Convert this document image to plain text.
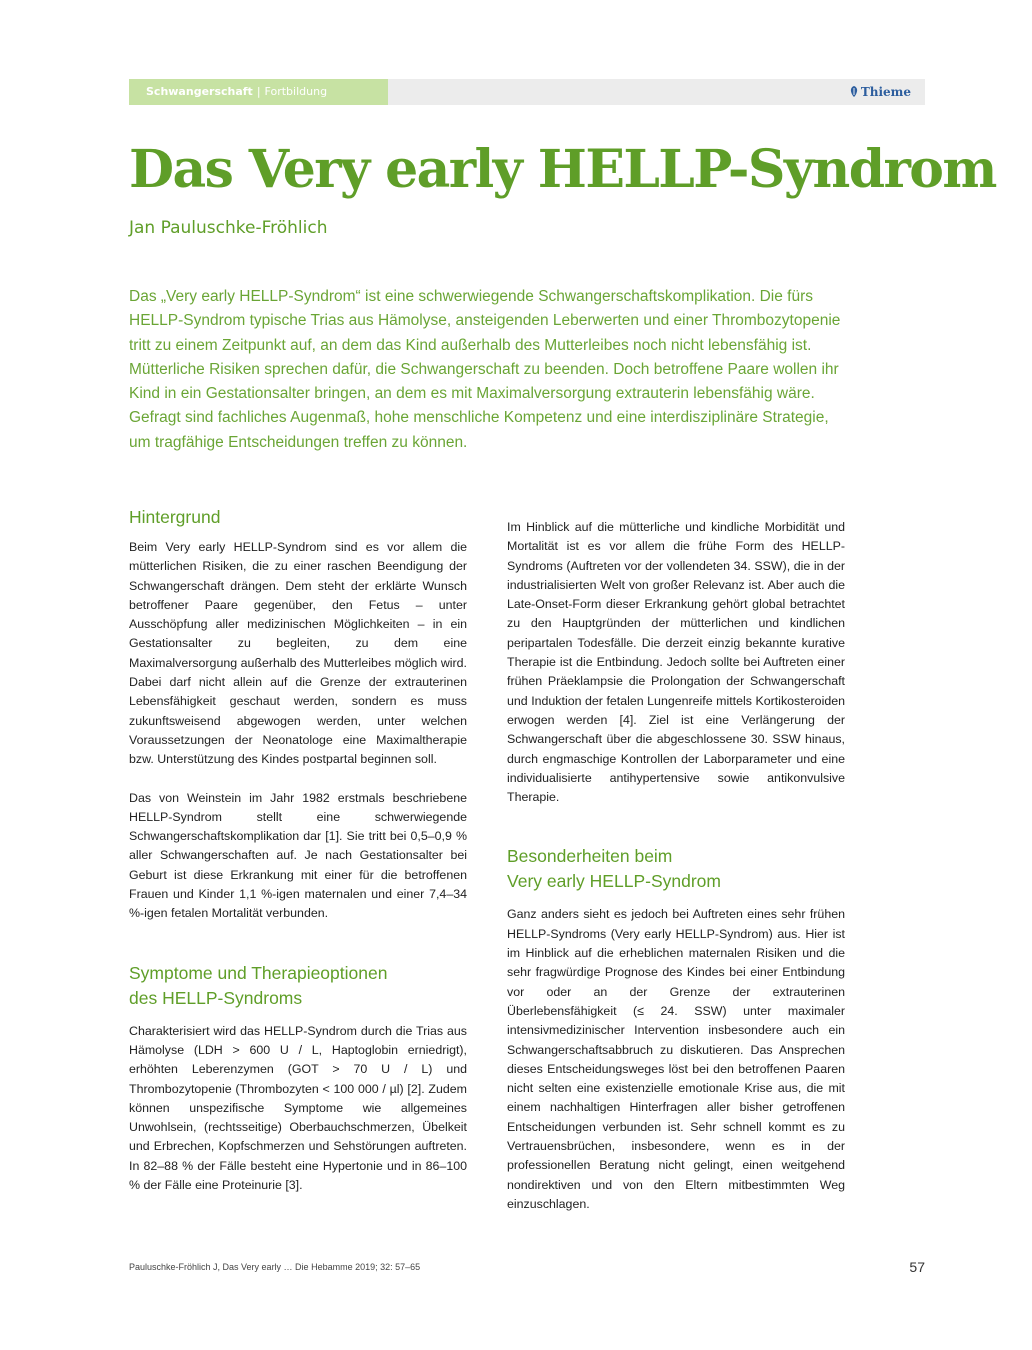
Schwangerschaft | Fortbildung	Thieme
Das Very early HELLP-Syndrom

Jan Pauluschke-Fröhlich

Das „Very early HELLP-Syndrom“ ist eine schwerwiegende Schwangerschaftskomplikation. Die fürs HELLP-Syndrom typische Trias aus Hämolyse, ansteigenden Leberwerten und einer Thrombozytopenie tritt zu einem Zeitpunkt auf, an dem das Kind außerhalb des Mutterleibes noch nicht lebensfähig ist. Mütterliche Risiken sprechen dafür, die Schwangerschaft zu beenden. Doch betroffene Paare wollen ihr Kind in ein Gestationsalter bringen, an dem es mit Maximalversorgung extrauterin lebensfähig wäre. Gefragt sind fachliches Augenmaß, hohe menschliche Kompetenz und eine interdisziplinäre Strategie, um tragfähige Entscheidungen treffen zu können.

Hintergrund

Beim Very early HELLP-Syndrom sind es vor allem die mütterlichen Risiken, die zu einer raschen Beendigung der Schwangerschaft drängen. Dem steht der erklärte Wunsch betroffener Paare gegenüber, den Fetus – unter Ausschöpfung aller medizinischen Möglichkeiten – in ein Gestationsalter zu begleiten, zu dem eine Maximalversorgung außerhalb des Mutterleibes möglich wird. Dabei darf nicht allein auf die Grenze der extrauterinen Lebensfähigkeit geschaut werden, sondern es muss zukunftsweisend abgewogen werden, unter welchen Voraussetzungen der Neonatologe eine Maximaltherapie bzw. Unterstützung des Kindes postpartal beginnen soll.

Das von Weinstein im Jahr 1982 erstmals beschriebene HELLP-Syndrom stellt eine schwerwiegende Schwangerschaftskomplikation dar [1]. Sie tritt bei 0,5–0,9 % aller Schwangerschaften auf. Je nach Gestationsalter bei Geburt ist diese Erkrankung mit einer für die betroffenen Frauen und Kinder 1,1 %-igen maternalen und einer 7,4–34 %-igen fetalen Mortalität verbunden.

Symptome und Therapieoptionen
des HELLP-Syndroms

Charakterisiert wird das HELLP-Syndrom durch die Trias aus Hämolyse (LDH > 600 U / L, Haptoglobin erniedrigt), erhöhten Leberenzymen (GOT > 70 U / L) und Thrombozytopenie (Thrombozyten < 100 000 / µl) [2]. Zudem können unspezifische Symptome wie allgemeines Unwohlsein, (rechtsseitige) Oberbauchschmerzen, Übelkeit und Erbrechen, Kopfschmerzen und Sehstörungen auftreten. In 82–88 % der Fälle besteht eine Hypertonie und in 86–100 % der Fälle eine Proteinurie [3].

Im Hinblick auf die mütterliche und kindliche Morbidität und Mortalität ist es vor allem die frühe Form des HELLP-Syndroms (Auftreten vor der vollendeten 34. SSW), die in der industrialisierten Welt von großer Relevanz ist. Aber auch die Late-Onset-Form dieser Erkrankung gehört global betrachtet zu den Hauptgründen der mütterlichen und kindlichen peripartalen Todesfälle. Die derzeit einzig bekannte kurative Therapie ist die Entbindung. Jedoch sollte bei Auftreten einer frühen Präeklampsie die Prolongation der Schwangerschaft und Induktion der fetalen Lungenreife mittels Kortikosteroiden erwogen werden [4]. Ziel ist eine Verlängerung der Schwangerschaft über die abgeschlossene 30. SSW hinaus, durch engmaschige Kontrollen der Laborparameter und eine individualisierte antihypertensive sowie antikonvulsive Therapie.

Besonderheiten beim
Very early HELLP-Syndrom

Ganz anders sieht es jedoch bei Auftreten eines sehr frühen HELLP-Syndroms (Very early HELLP-Syndrom) aus. Hier ist im Hinblick auf die erheblichen maternalen Risiken und die sehr fragwürdige Prognose des Kindes bei einer Entbindung vor oder an der Grenze der extrauterinen Überlebensfähigkeit (≤ 24. SSW) unter maximaler intensivmedizinischer Intervention insbesondere auch ein Schwangerschaftsabbruch zu diskutieren. Das Ansprechen dieses Entscheidungsweges löst bei den betroffenen Paaren nicht selten eine existenzielle emotionale Krise aus, die mit einem nachhaltigen Hinterfragen aller bisher getroffenen Entscheidungen verbunden ist. Sehr schnell kommt es zu Vertrauensbrüchen, insbesondere, wenn es in der professionellen Beratung nicht gelingt, einen weitgehend nondirektiven und von den Eltern mitbestimmten Weg einzuschlagen.

Pauluschke-Fröhlich J, Das Very early … Die Hebamme 2019; 32: 57–65	57
